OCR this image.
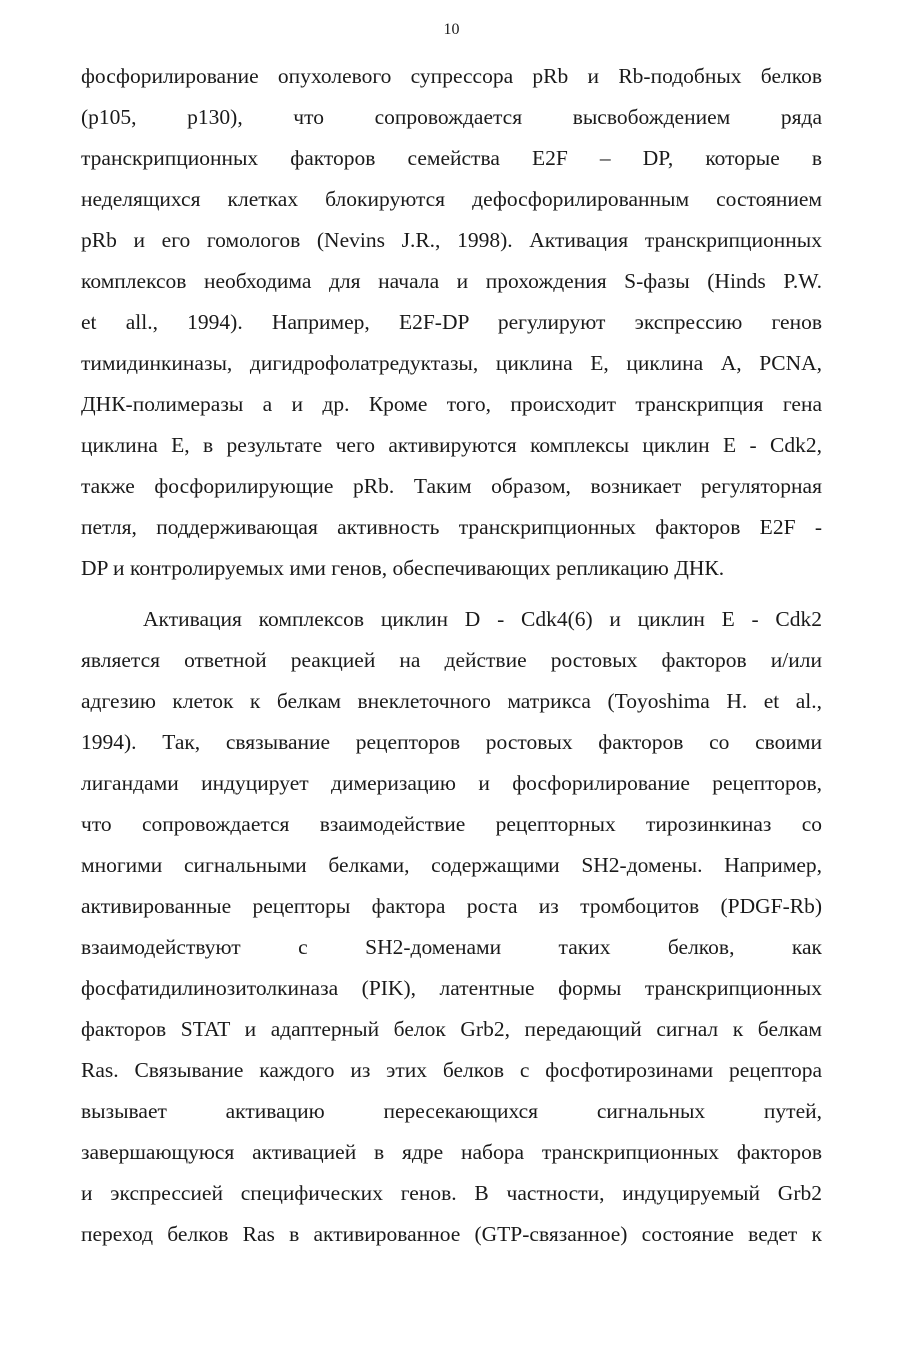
10
фосфорилирование опухолевого супрессора pRb и Rb-подобных белков
(p105, p130), что сопровождается высвобождением ряда
транскрипционных факторов семейства E2F – DP, которые в
неделящихся клетках блокируются дефосфорилированным состоянием
pRb и его гомологов (Nevins J.R., 1998). Активация транскрипционных
комплексов необходима для начала и прохождения S-фазы (Hinds P.W.
et all., 1994). Например, E2F-DP регулируют экспрессию генов
тимидинкиназы, дигидрофолатредуктазы, циклина E, циклина A, PCNA,
ДНК-полимеразы a и др. Кроме того, происходит транскрипция гена
циклина E, в результате чего активируются комплексы циклин E - Cdk2,
также фосфорилирующие pRb. Таким образом, возникает регуляторная
петля, поддерживающая активность транскрипционных факторов E2F -
DP и контролируемых ими генов, обеспечивающих репликацию ДНК.
Активация комплексов циклин D - Cdk4(6) и циклин E - Cdk2
является ответной реакцией на действие ростовых факторов и/или
адгезию клеток к белкам внеклеточного матрикса (Toyoshima H. et al.,
1994). Так, связывание рецепторов ростовых факторов со своими
лигандами индуцирует димеризацию и фосфорилирование рецепторов,
что сопровождается взаимодействие рецепторных тирозинкиназ со
многими сигнальными белками, содержащими SH2-домены. Например,
активированные рецепторы фактора роста из тромбоцитов (PDGF-Rb)
взаимодействуют с SH2-доменами таких белков, как
фосфатидилинозитолкиназа (PIK), латентные формы транскрипционных
факторов STAT и адаптерный белок Grb2, передающий сигнал к белкам
Ras. Связывание каждого из этих белков с фосфотирозинами рецептора
вызывает активацию пересекающихся сигнальных путей,
завершающуюся активацией в ядре набора транскрипционных факторов
и экспрессией специфических генов. В частности, индуцируемый Grb2
переход белков Ras в активированное (GTP-связанное) состояние ведет к
